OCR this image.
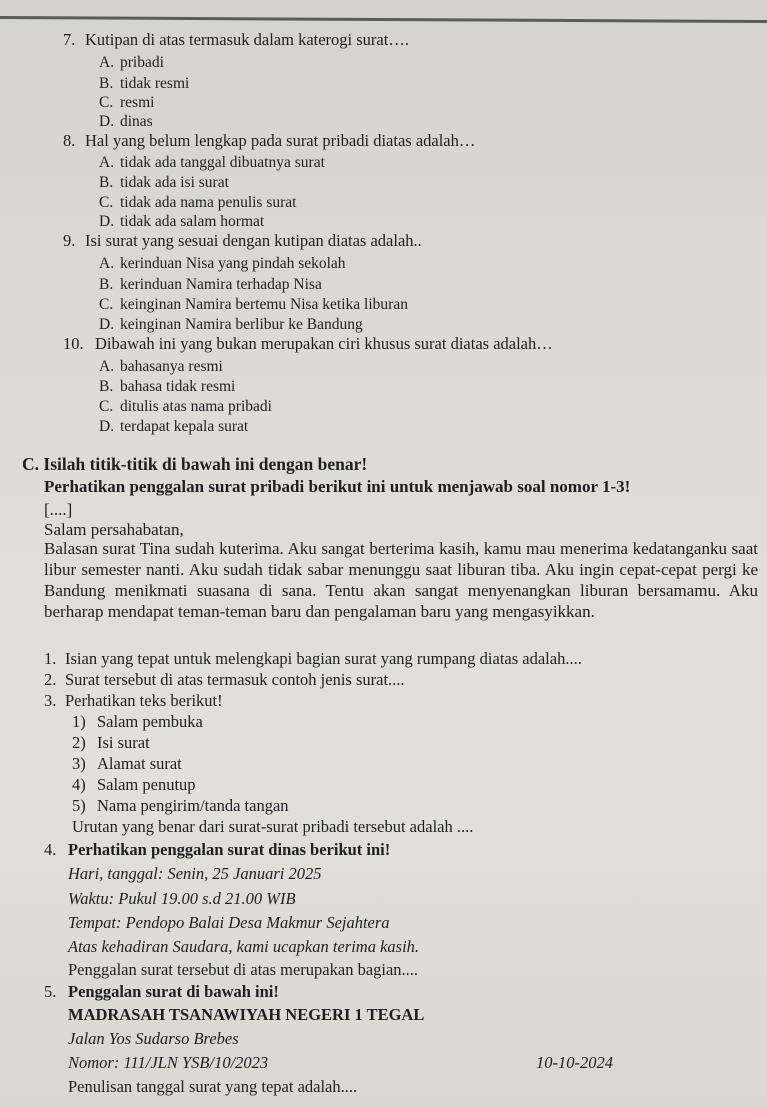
7. Kutipan di atas termasuk dalam katerogi surat….
A. pribadi
B. tidak resmi
C. resmi
D. dinas
8. Hal yang belum lengkap pada surat pribadi diatas adalah…
A. tidak ada tanggal dibuatnya surat
B. tidak ada isi surat
C. tidak ada nama penulis surat
D. tidak ada salam hormat
9. Isi surat yang sesuai dengan kutipan diatas adalah..
A. kerinduan Nisa yang pindah sekolah
B. kerinduan Namira terhadap Nisa
C. keinginan Namira bertemu Nisa ketika liburan
D. keinginan Namira berlibur ke Bandung
10. Dibawah ini yang bukan merupakan ciri khusus surat diatas adalah…
A. bahasanya resmi
B. bahasa tidak resmi
C. ditulis atas nama pribadi
D. terdapat kepala surat
C. Isilah titik-titik di bawah ini dengan benar!
Perhatikan penggalan surat pribadi berikut ini untuk menjawab soal nomor 1-3!
[....]
Salam persahabatan,
Balasan surat Tina sudah kuterima. Aku sangat berterima kasih, kamu mau menerima kedatanganku saat libur semester nanti. Aku sudah tidak sabar menunggu saat liburan tiba. Aku ingin cepat-cepat pergi ke Bandung menikmati suasana di sana. Tentu akan sangat menyenangkan liburan bersamamu. Aku berharap mendapat teman-teman baru dan pengalaman baru yang mengasyikkan.
1. Isian yang tepat untuk melengkapi bagian surat yang rumpang diatas adalah....
2. Surat tersebut di atas termasuk contoh jenis surat....
3. Perhatikan teks berikut!
1) Salam pembuka
2) Isi surat
3) Alamat surat
4) Salam penutup
5) Nama pengirim/tanda tangan
Urutan yang benar dari surat-surat pribadi tersebut adalah ....
4. Perhatikan penggalan surat dinas berikut ini!
Hari, tanggal: Senin, 25 Januari 2025
Waktu: Pukul 19.00 s.d 21.00 WIB
Tempat: Pendopo Balai Desa Makmur Sejahtera
Atas kehadiran Saudara, kami ucapkan terima kasih.
Penggalan surat tersebut di atas merupakan bagian....
5. Penggalan surat di bawah ini!
MADRASAH TSANAWIYAH NEGERI 1 TEGAL
Jalan Yos Sudarso Brebes
Nomor: 111/JLN YSB/10/2023	10-10-2024
Penulisan tanggal surat yang tepat adalah....
